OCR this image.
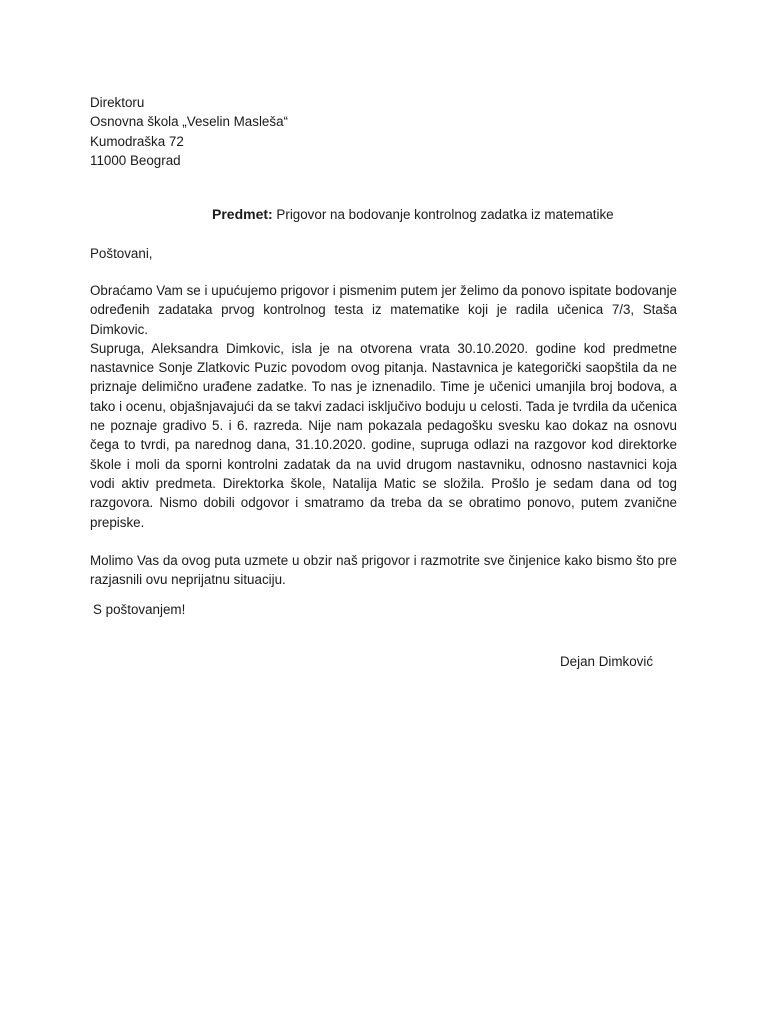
Direktoru
Osnovna škola „Veselin Masleša“
Kumodraška 72
11000 Beograd
Predmet: Prigovor na bodovanje kontrolnog zadatka iz matematike
Poštovani,

Obraćamo Vam se i upućujemo prigovor i pismenim putem jer želimo da ponovo ispitate bodovanje određenih zadataka prvog kontrolnog testa iz matematike koji je radila učenica 7/3, Staša Dimkovic.

Supruga, Aleksandra Dimkovic, isla je na otvorena vrata 30.10.2020. godine kod predmetne nastavnice Sonje Zlatkovic Puzic povodom ovog pitanja. Nastavnica je kategorički saopštila da ne priznaje delimično urađene zadatke. To nas je iznenadilo. Time je učenici umanjila broj bodova, a tako i ocenu, objašnjavajući da se takvi zadaci isključivo boduju u celosti. Tada je tvrdila da učenica ne poznaje gradivo 5. i 6. razreda. Nije nam pokazala pedagošku svesku kao dokaz na osnovu čega to tvrdi, pa narednog dana, 31.10.2020. godine, supruga odlazi na razgovor kod direktorke škole i moli da sporni kontrolni zadatak da na uvid drugom nastavniku, odnosno nastavnici koja vodi aktiv predmeta. Direktorka škole, Natalija Matic se složila. Prošlo je sedam dana od tog razgovora. Nismo dobili odgovor i smatramo da treba da se obratimo ponovo, putem zvanične prepiske.

Molimo Vas da ovog puta uzmete u obzir naš prigovor i razmotrite sve činjenice kako bismo što pre razjasnili ovu neprijatnu situaciju.

S poštovanjem!
Dejan Dimković
